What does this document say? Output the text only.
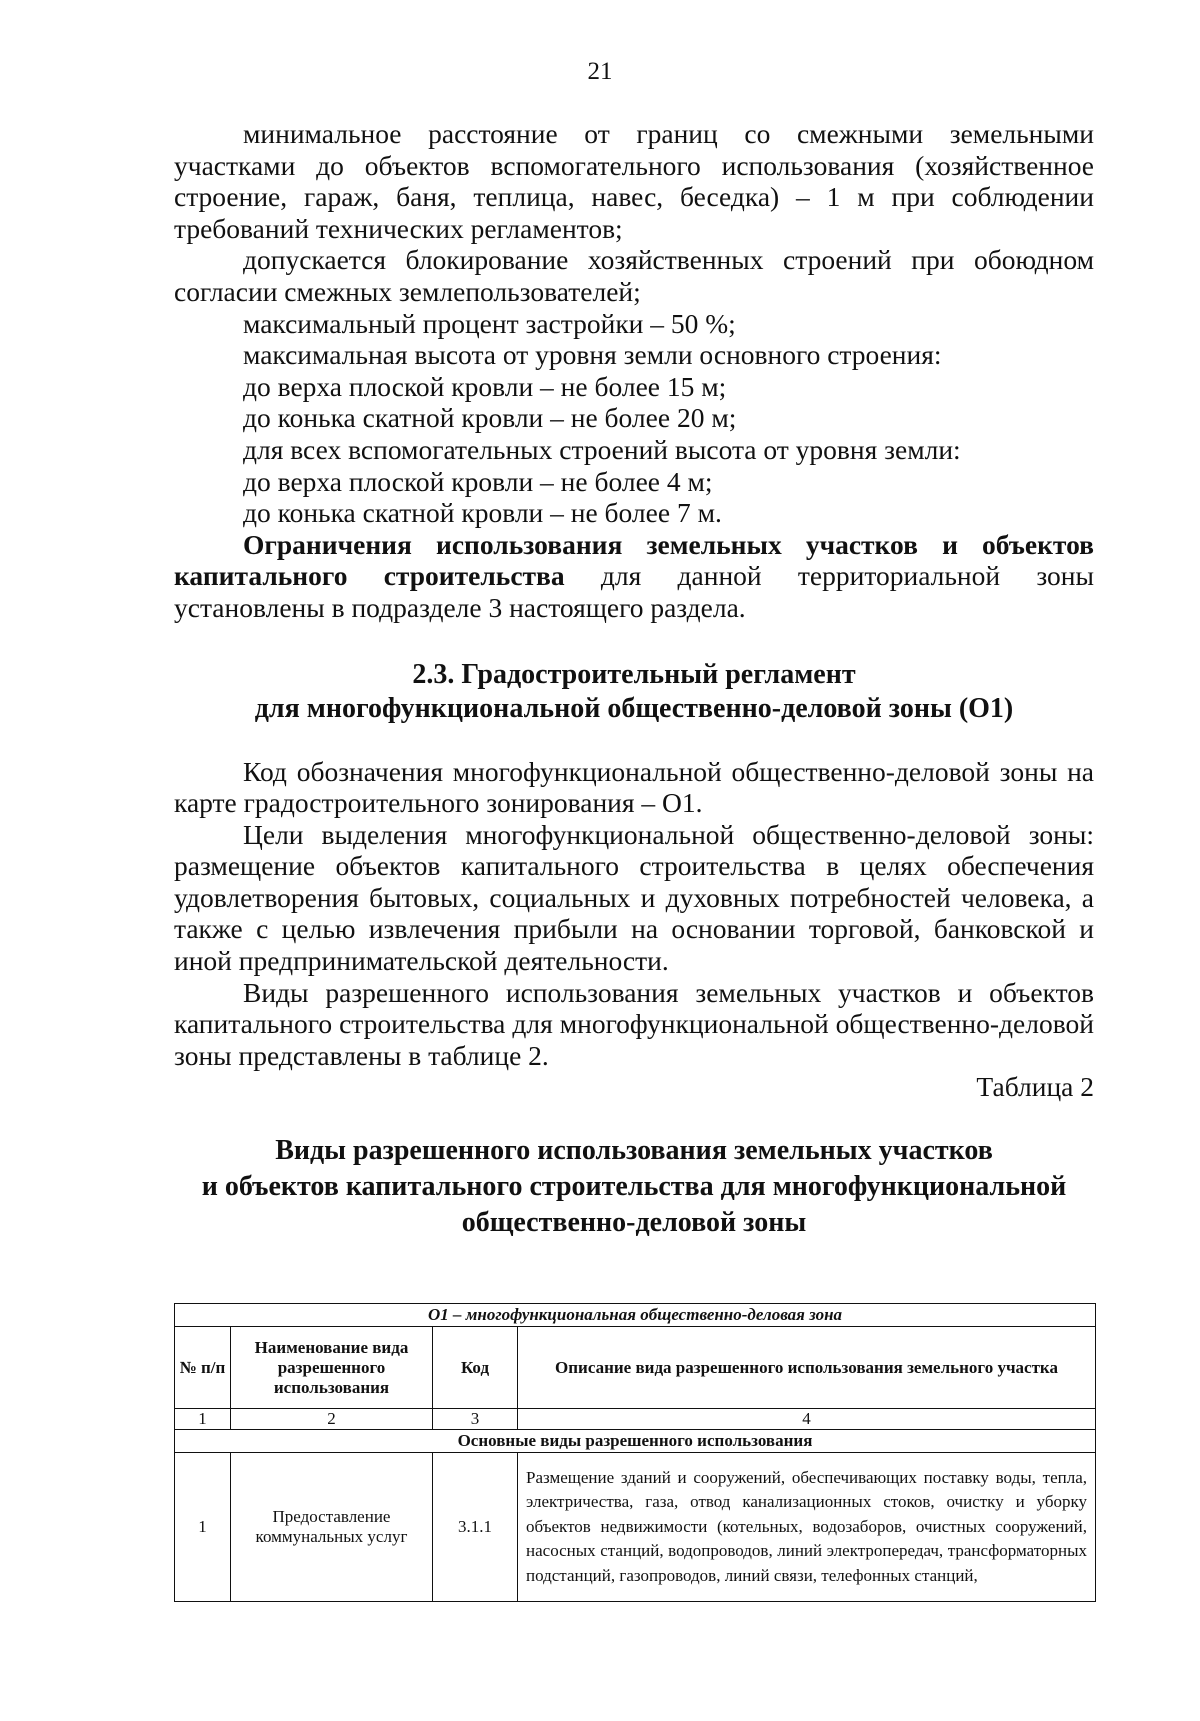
21

минимальное расстояние от границ со смежными земельными участками до объектов вспомогательного использования (хозяйственное строение, гараж, баня, теплица, навес, беседка) – 1 м при соблюдении требований технических регламентов;

допускается блокирование хозяйственных строений при обоюдном согласии смежных землепользователей;

максимальный процент застройки – 50 %;

максимальная высота от уровня земли основного строения:

до верха плоской кровли – не более 15 м;

до конька скатной кровли – не более 20 м;

для всех вспомогательных строений высота от уровня земли:

до верха плоской кровли – не более 4 м;

до конька скатной кровли – не более 7 м.

Ограничения использования земельных участков и объектов капитального строительства для данной территориальной зоны установлены в подразделе 3 настоящего раздела.

2.3. Градостроительный регламент
для многофункциональной общественно-деловой зоны (О1)

Код обозначения многофункциональной общественно-деловой зоны на карте градостроительного зонирования – О1.

Цели выделения многофункциональной общественно-деловой зоны: размещение объектов капитального строительства в целях обеспечения удовлетворения бытовых, социальных и духовных потребностей человека, а также с целью извлечения прибыли на основании торговой, банковской и иной предпринимательской деятельности.

Виды разрешенного использования земельных участков и объектов капитального строительства для многофункциональной общественно-деловой зоны представлены в таблице 2.

Таблица 2

Виды разрешенного использования земельных участков
и объектов капитального строительства для многофункциональной
общественно-деловой зоны
О1 – многофункциональная общественно-деловая зона			
№ п/п	Наименование вида разрешенного использования	Код	Описание вида разрешенного использования земельного участка
1	2	3	4
Основные виды разрешенного использования			
1	Предоставление коммунальных услуг	3.1.1	Размещение зданий и сооружений, обеспечивающих поставку воды, тепла, электричества, газа, отвод канализационных стоков, очистку и уборку объектов недвижимости (котельных, водозаборов, очистных сооружений, насосных станций, водопроводов, линий электропередач, трансформаторных подстанций, газопроводов, линий связи, телефонных станций,
